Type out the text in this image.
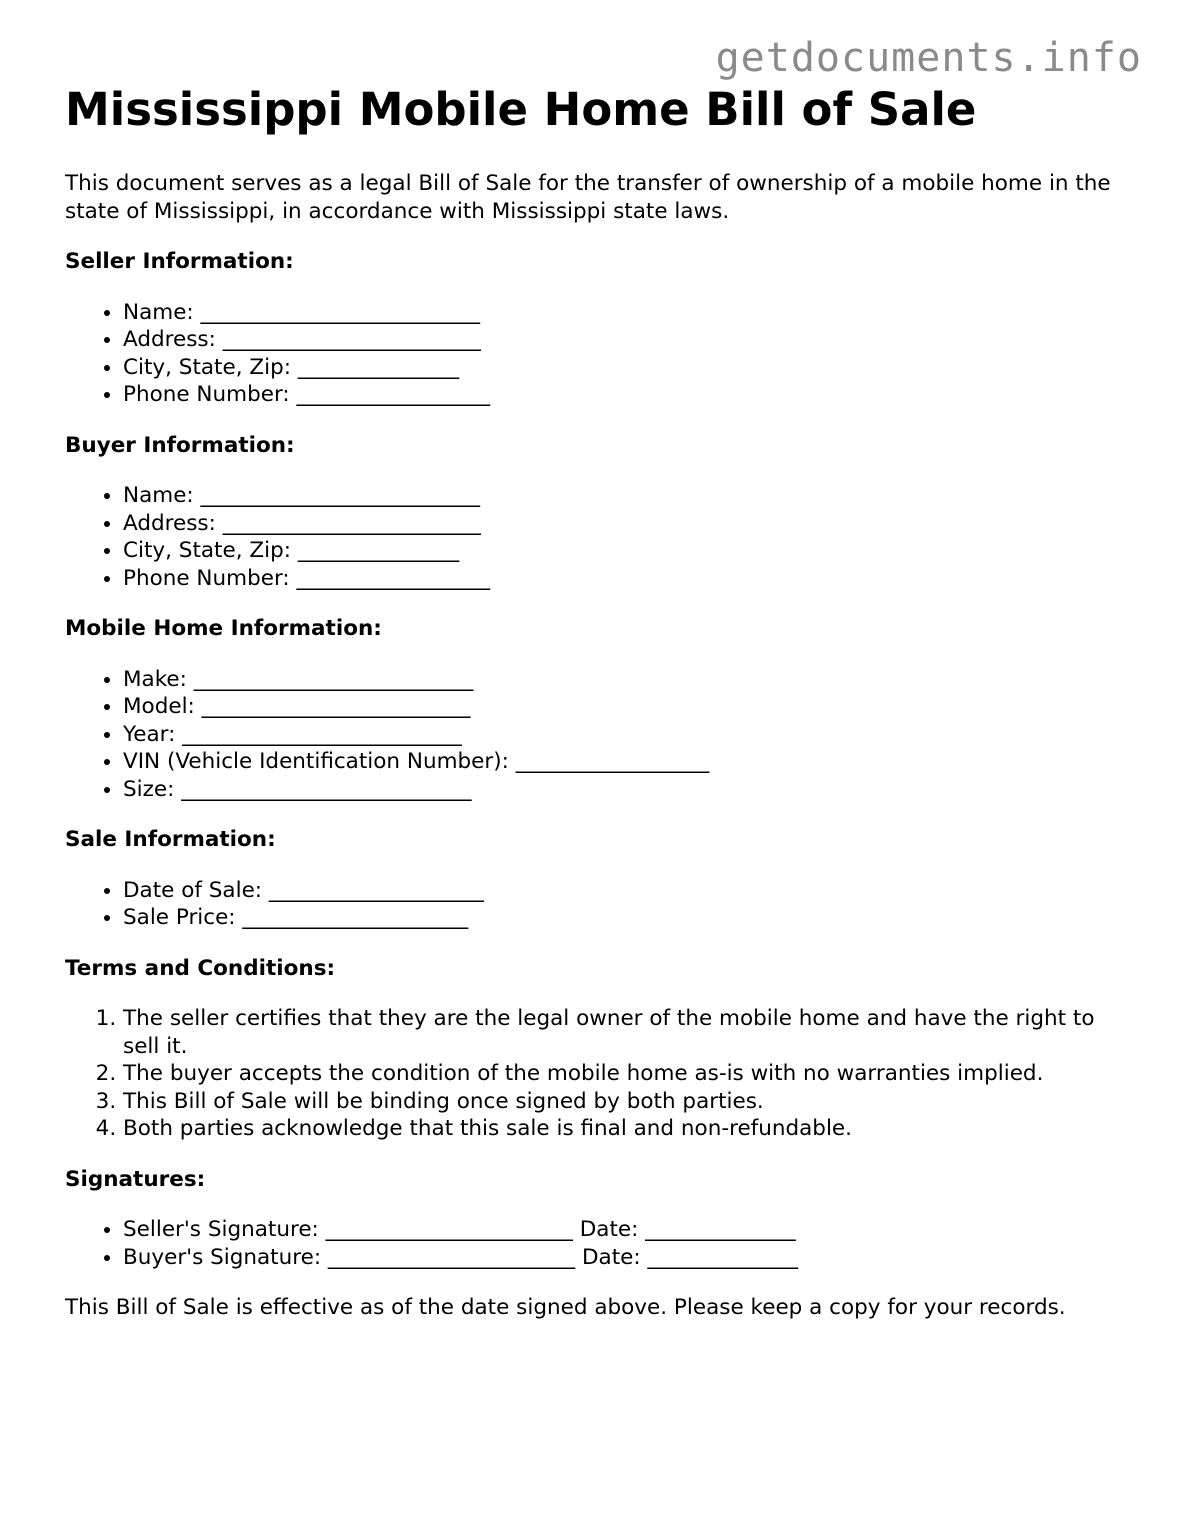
getdocuments.info
Mississippi Mobile Home Bill of Sale

This document serves as a legal Bill of Sale for the transfer of ownership of a mobile home in the state of Mississippi, in accordance with Mississippi state laws.

Seller Information:
• Name: __________________________
• Address: ________________________
• City, State, Zip: _______________
• Phone Number: __________________
Buyer Information:
• Name: __________________________
• Address: ________________________
• City, State, Zip: _______________
• Phone Number: __________________
Mobile Home Information:
• Make: __________________________
• Model: _________________________
• Year: __________________________
• VIN (Vehicle Identification Number): __________________
• Size: ___________________________
Sale Information:
• Date of Sale: ____________________
• Sale Price: _____________________
Terms and Conditions:
1. The seller certifies that they are the legal owner of the mobile home and have the right to sell it.
2. The buyer accepts the condition of the mobile home as-is with no warranties implied.
3. This Bill of Sale will be binding once signed by both parties.
4. Both parties acknowledge that this sale is final and non-refundable.
Signatures:
• Seller's Signature: _______________________ Date: ______________
• Buyer's Signature: _______________________ Date: ______________

This Bill of Sale is effective as of the date signed above. Please keep a copy for your records.
